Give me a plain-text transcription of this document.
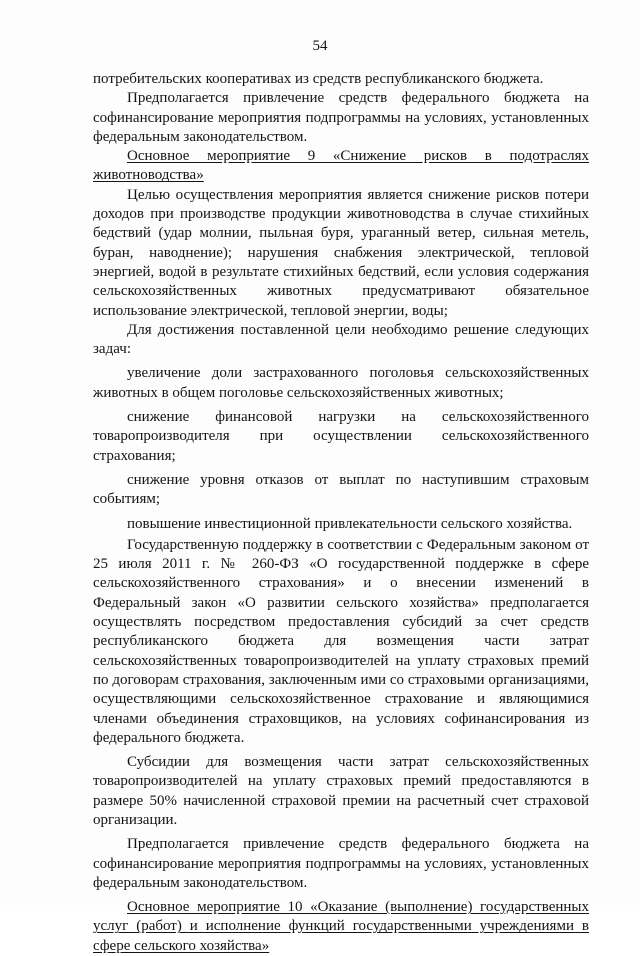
54

потребительских кооперативах из средств республиканского бюджета.

Предполагается привлечение средств федерального бюджета на софинансирование мероприятия подпрограммы на условиях, установленных федеральным законодательством.

Основное мероприятие 9 «Снижение рисков в подотраслях животноводства»

Целью осуществления мероприятия является снижение рисков потери доходов при производстве продукции животноводства в случае стихийных бедствий (удар молнии, пыльная буря, ураганный ветер, сильная метель, буран, наводнение); нарушения снабжения электрической, тепловой энергией, водой в результате стихийных бедствий, если условия содержания сельскохозяйственных животных предусматривают обязательное использование электрической, тепловой энергии, воды;

Для достижения поставленной цели необходимо решение следующих задач:

увеличение доли застрахованного поголовья сельскохозяйственных животных в общем поголовье сельскохозяйственных животных;

снижение финансовой нагрузки на сельскохозяйственного товаропроизводителя при осуществлении сельскохозяйственного страхования;

снижение уровня отказов от выплат по наступившим страховым событиям;

повышение инвестиционной привлекательности сельского хозяйства.

Государственную поддержку в соответствии с Федеральным законом от 25 июля 2011 г. № 260-ФЗ «О государственной поддержке в сфере сельскохозяйственного страхования» и о внесении изменений в Федеральный закон «О развитии сельского хозяйства» предполагается осуществлять посредством предоставления субсидий за счет средств республиканского бюджета для возмещения части затрат сельскохозяйственных товаропроизводителей на уплату страховых премий по договорам страхования, заключенным ими со страховыми организациями, осуществляющими сельскохозяйственное страхование и являющимися членами объединения страховщиков, на условиях софинансирования из федерального бюджета.

Субсидии для возмещения части затрат сельскохозяйственных товаропроизводителей на уплату страховых премий предоставляются в размере 50% начисленной страховой премии на расчетный счет страховой организации.

Предполагается привлечение средств федерального бюджета на софинансирование мероприятия подпрограммы на условиях, установленных федеральным законодательством.

Основное мероприятие 10 «Оказание (выполнение) государственных услуг (работ) и исполнение функций государственными учреждениями в сфере сельского хозяйства»
